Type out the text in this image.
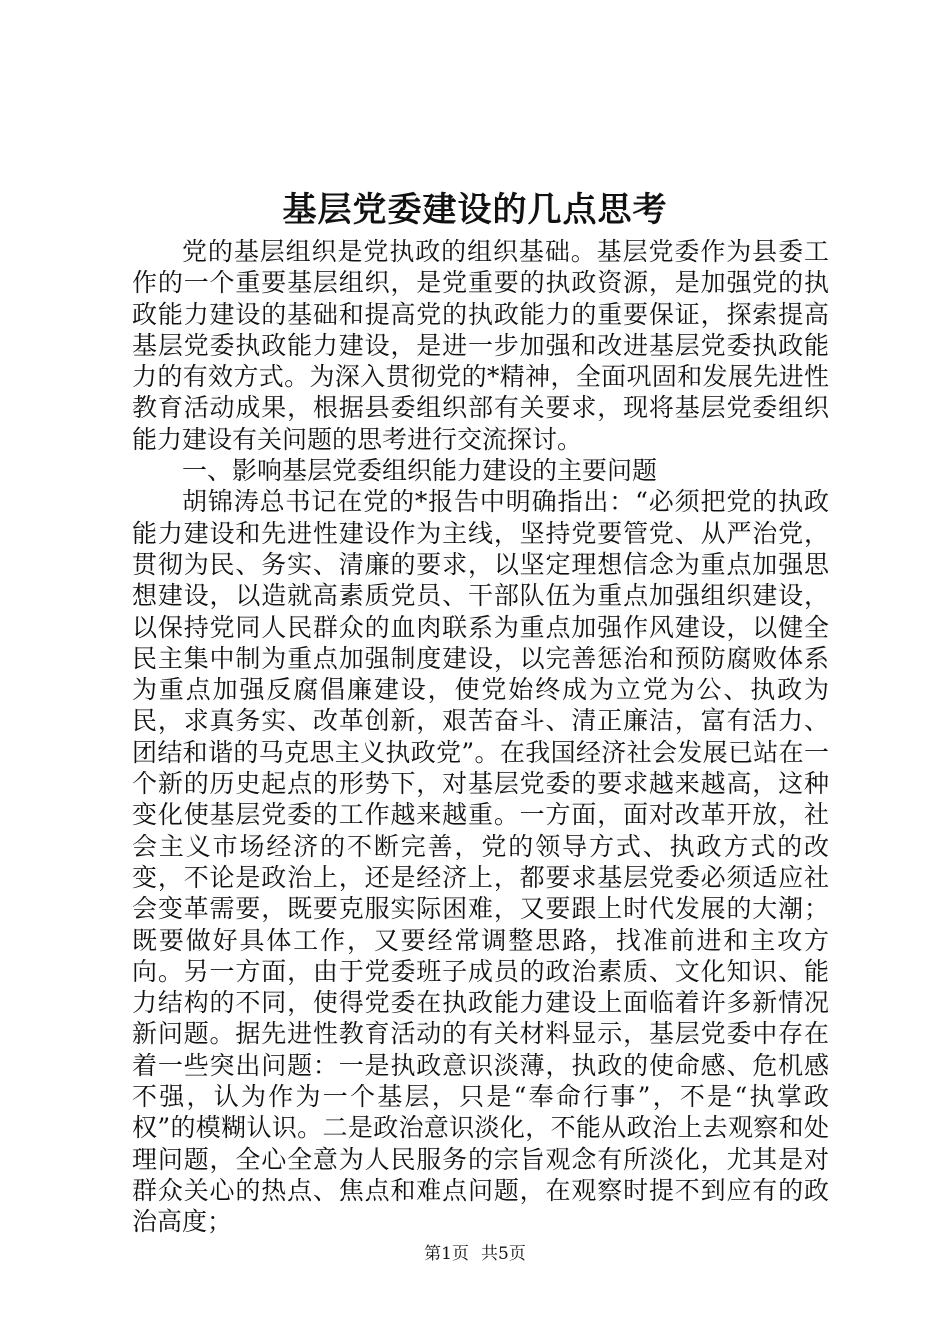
基层党委建设的几点思考

党的基层组织是党执政的组织基础。基层党委作为县委工作的一个重要基层组织，是党重要的执政资源，是加强党的执政能力建设的基础和提高党的执政能力的重要保证，探索提高基层党委执政能力建设，是进一步加强和改进基层党委执政能力的有效方式。为深入贯彻党的*精神，全面巩固和发展先进性教育活动成果，根据县委组织部有关要求，现将基层党委组织能力建设有关问题的思考进行交流探讨。

一、影响基层党委组织能力建设的主要问题

胡锦涛总书记在党的*报告中明确指出：“必须把党的执政能力建设和先进性建设作为主线，坚持党要管党、从严治党，贯彻为民、务实、清廉的要求，以坚定理想信念为重点加强思想建设，以造就高素质党员、干部队伍为重点加强组织建设，以保持党同人民群众的血肉联系为重点加强作风建设，以健全民主集中制为重点加强制度建设，以完善惩治和预防腐败体系为重点加强反腐倡廉建设，使党始终成为立党为公、执政为民，求真务实、改革创新，艰苦奋斗、清正廉洁，富有活力、团结和谐的马克思主义执政党”。在我国经济社会发展已站在一个新的历史起点的形势下，对基层党委的要求越来越高，这种变化使基层党委的工作越来越重。一方面，面对改革开放，社会主义市场经济的不断完善，党的领导方式、执政方式的改变，不论是政治上，还是经济上，都要求基层党委必须适应社会变革需要，既要克服实际困难，又要跟上时代发展的大潮；既要做好具体工作，又要经常调整思路，找准前进和主攻方向。另一方面，由于党委班子成员的政治素质、文化知识、能力结构的不同，使得党委在执政能力建设上面临着许多新情况新问题。据先进性教育活动的有关材料显示，基层党委中存在着一些突出问题：一是执政意识淡薄，执政的使命感、危机感不强，认为作为一个基层，只是“奉命行事”，不是“执掌政权”的模糊认识。二是政治意识淡化，不能从政治上去观察和处理问题，全心全意为人民服务的宗旨观念有所淡化，尤其是对群众关心的热点、焦点和难点问题，在观察时提不到应有的政治高度；

第1页 共5页
